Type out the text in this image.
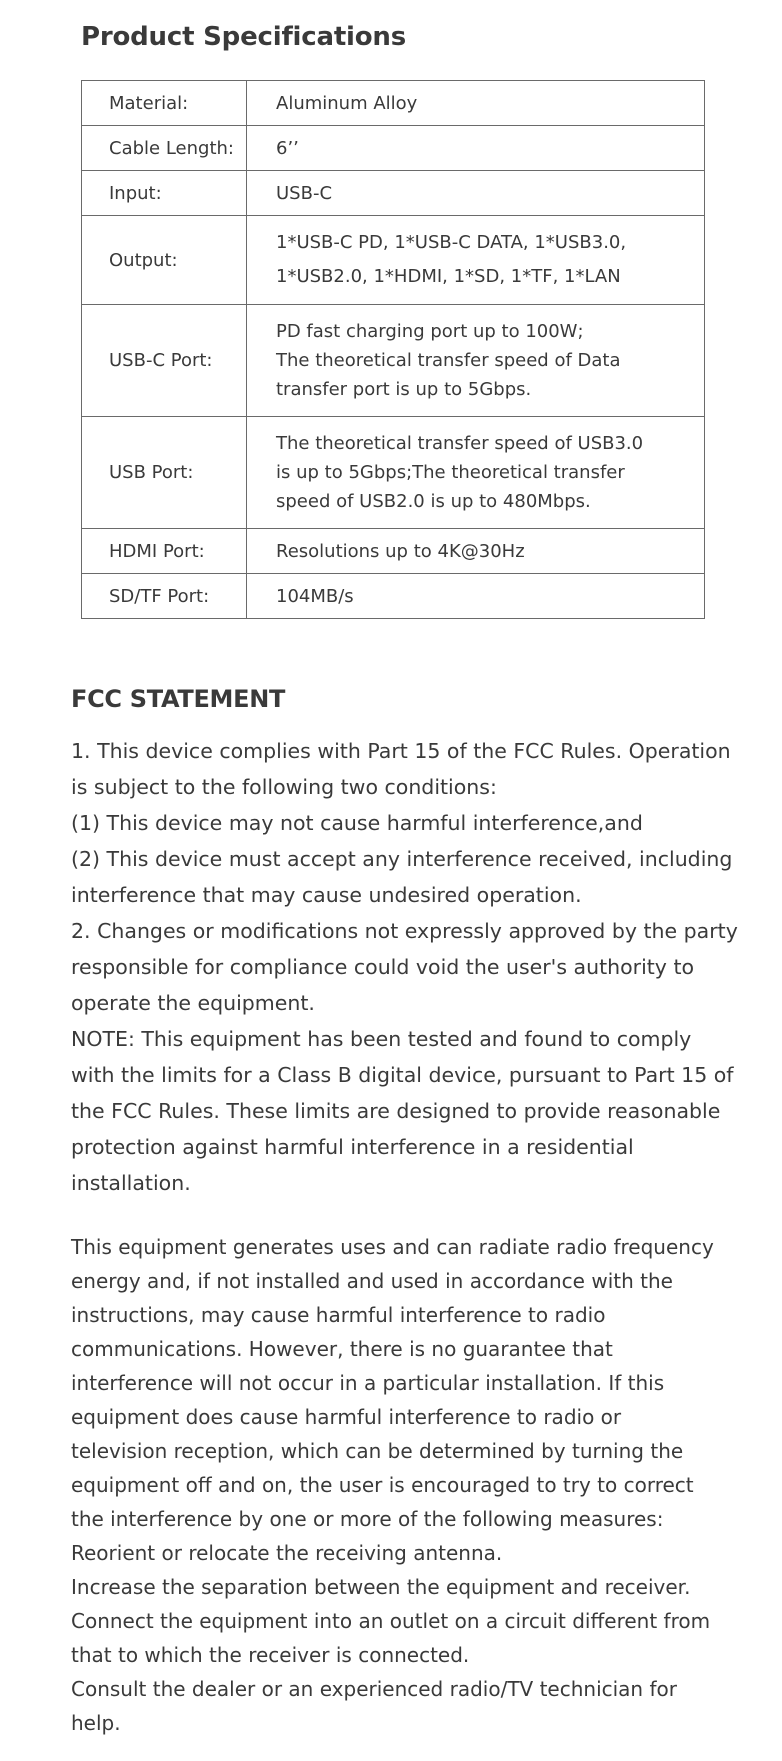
Product Specifications
Material:	Aluminum Alloy

Cable Length:	6’’

Input:	USB-C

Output:	1*USB-C PD, 1*USB-C DATA, 1*USB3.0,
1*USB2.0, 1*HDMI, 1*SD, 1*TF, 1*LAN

USB-C Port:	PD fast charging port up to 100W;
The theoretical transfer speed of Data
transfer port is up to 5Gbps.

USB Port:	The theoretical transfer speed of USB3.0
is up to 5Gbps;The theoretical transfer
speed of USB2.0 is up to 480Mbps.

HDMI Port:	Resolutions up to 4K@30Hz

SD/TF Port:	104MB/s
FCC STATEMENT
1. This device complies with Part 15 of the FCC Rules. Operation
is subject to the following two conditions:
(1) This device may not cause harmful interference,and
(2) This device must accept any interference received, including
interference that may cause undesired operation.
2. Changes or modifications not expressly approved by the party
responsible for compliance could void the user's authority to
operate the equipment.
NOTE: This equipment has been tested and found to comply
with the limits for a Class B digital device, pursuant to Part 15 of
the FCC Rules. These limits are designed to provide reasonable
protection against harmful interference in a residential
installation.
This equipment generates uses and can radiate radio frequency
energy and, if not installed and used in accordance with the
instructions, may cause harmful interference to radio
communications. However, there is no guarantee that
interference will not occur in a particular installation. If this
equipment does cause harmful interference to radio or
television reception, which can be determined by turning the
equipment off and on, the user is encouraged to try to correct
the interference by one or more of the following measures:
Reorient or relocate the receiving antenna.
Increase the separation between the equipment and receiver.
Connect the equipment into an outlet on a circuit different from
that to which the receiver is connected.
Consult the dealer or an experienced radio/TV technician for
help.
